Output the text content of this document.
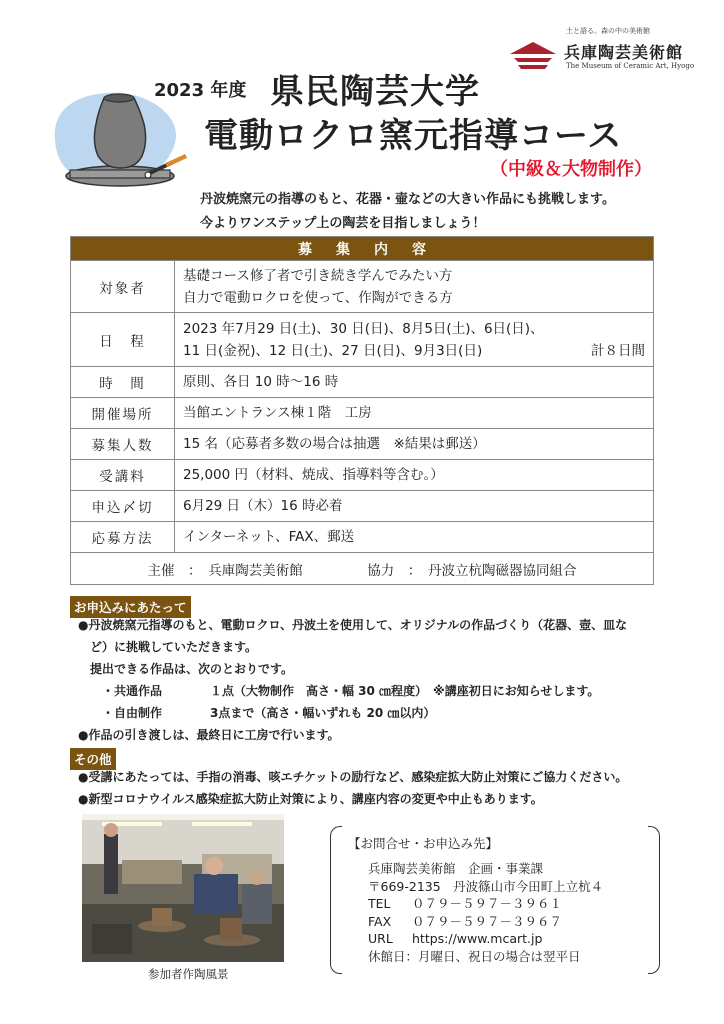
土と語る。森の中の美術館
兵庫陶芸美術館
The Museum of Ceramic Art, Hyogo
2023 年度 県民陶芸大学
電動ロクロ窯元指導コース
（中級＆大物制作）
丹波焼窯元の指導のもと、花器・壷などの大きい作品にも挑戦します。
今よりワンステップ上の陶芸を目指しましょう！
募集内容	
対象者	基礎コース修了者で引き続き学んでみたい方
自力で電動ロクロを使って、作陶ができる方

日　程	2023 年7月29 日(土)、30 日(日)、8月5日(土)、6日(日)、
11 日(金祝)、12 日(土)、27 日(日)、9月3日(日) 計８日間

時　間	原則、各日 10 時～16 時
開催場所	当館エントランス棟１階　工房
募集人数	15 名（応募者多数の場合は抽選　※結果は郵送）
受講料	25,000 円（材料、焼成、指導料等含む。）
申込〆切	6月29 日（木）16 時必着
応募方法	インターネット、FAX、郵送
主催　：　兵庫陶芸美術館 協力　：　丹波立杭陶磁器協同組合	
お申込みにあたって
●丹波焼窯元指導のもと、電動ロクロ、丹波土を使用して、オリジナルの作品づくり（花器、壺、皿な
　ど）に挑戦していただきます。
　提出できる作品は、次のとおりです。
　　・共通作品　　　　１点（大物制作　高さ・幅 30 ㎝程度）　※講座初日にお知らせします。
　　・自由制作　　　　3点まで（高さ・幅いずれも 20 ㎝以内）
●作品の引き渡しは、最終日に工房で行います。
その他
●受講にあたっては、手指の消毒、咳エチケットの励行など、感染症拡大防止対策にご協力ください。
●新型コロナウイルス感染症拡大防止対策により、講座内容の変更や中止もあります。
参加者作陶風景
【お問合せ・お申込み先】
兵庫陶芸美術館　企画・事業課
〒669-2135　丹波篠山市今田町上立杭４
TEL ０７９－５９７－３９６１
FAX ０７９－５９７－３９６７
URL https://www.mcart.jp
休館日：月曜日、祝日の場合は翌平日
